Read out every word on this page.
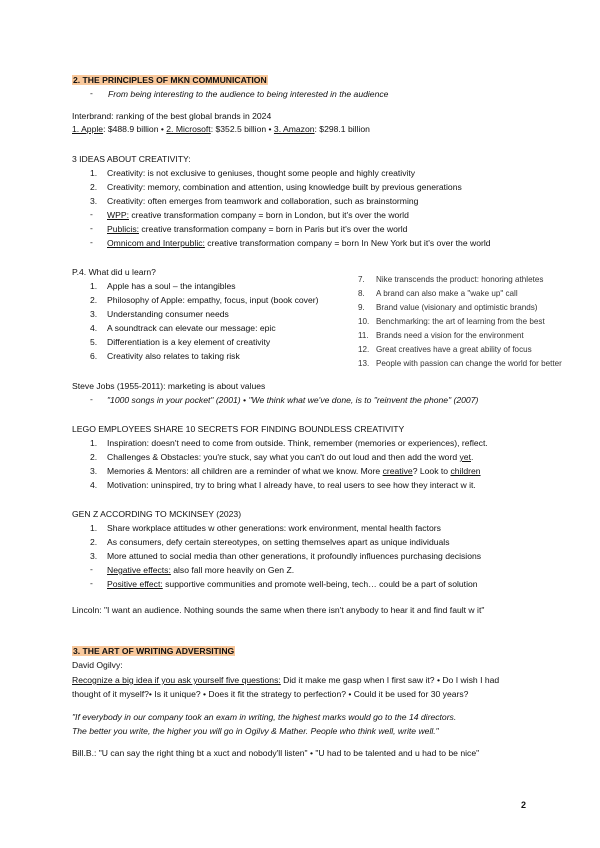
2. THE PRINCIPLES OF MKN COMMUNICATION
- From being interesting to the audience to being interested in the audience
Interbrand: ranking of the best global brands in 2024
1. Apple: $488.9 billion • 2. Microsoft: $352.5 billion • 3. Amazon: $298.1 billion
3 IDEAS ABOUT CREATIVITY:
1. Creativity: is not exclusive to geniuses, thought some people and highly creativity
2. Creativity: memory, combination and attention, using knowledge built by previous generations
3. Creativity: often emerges from teamwork and collaboration, such as brainstorming
- WPP: creative transformation company = born in London, but it's over the world
- Publicis: creative transformation company = born in Paris but it's over the world
- Omnicom and Interpublic: creative transformation company = born In New York but it's over the world
P.4. What did u learn?
1. Apple has a soul – the intangibles
2. Philosophy of Apple: empathy, focus, input (book cover)
3. Understanding consumer needs
4. A soundtrack can elevate our message: epic
5. Differentiation is a key element of creativity
6. Creativity also relates to taking risk
7. Nike transcends the product: honoring athletes
8. A brand can also make a "wake up" call
9. Brand value (visionary and optimistic brands)
10. Benchmarking: the art of learning from the best
11. Brands need a vision for the environment
12. Great creatives have a great ability of focus
13. People with passion can change the world for better
Steve Jobs (1955-2011): marketing is about values
- "1000 songs in your pocket" (2001) • "We think what we've done, is to "reinvent the phone" (2007)
LEGO EMPLOYEES SHARE 10 SECRETS FOR FINDING BOUNDLESS CREATIVITY
1. Inspiration: doesn't need to come from outside. Think, remember (memories or experiences), reflect.
2. Challenges & Obstacles: you're stuck, say what you can't do out loud and then add the word yet.
3. Memories & Mentors: all children are a reminder of what we know. More creative? Look to children
4. Motivation: uninspired, try to bring what I already have, to real users to see how they interact w it.
GEN Z ACCORDING TO MCKINSEY (2023)
1. Share workplace attitudes w other generations: work environment, mental health factors
2. As consumers, defy certain stereotypes, on setting themselves apart as unique individuals
3. More attuned to social media than other generations, it profoundly influences purchasing decisions
- Negative effects: also fall more heavily on Gen Z.
- Positive effect: supportive communities and promote well-being, tech… could be a part of solution
Lincoln: "I want an audience. Nothing sounds the same when there isn't anybody to hear it and find fault w it"
3. THE ART OF WRITING ADVERSITING
David Ogilvy:
Recognize a big idea if you ask yourself five questions: Did it make me gasp when I first saw it? • Do I wish I had
thought of it myself?• Is it unique? • Does it fit the strategy to perfection? • Could it be used for 30 years?
"If everybody in our company took an exam in writing, the highest marks would go to the 14 directors.
The better you write, the higher you will go in Ogilvy & Mather. People who think well, write well."
Bill.B.: "U can say the right thing bt a xuct and nobody'll listen" • "U had to be talented and u had to be nice"
2
